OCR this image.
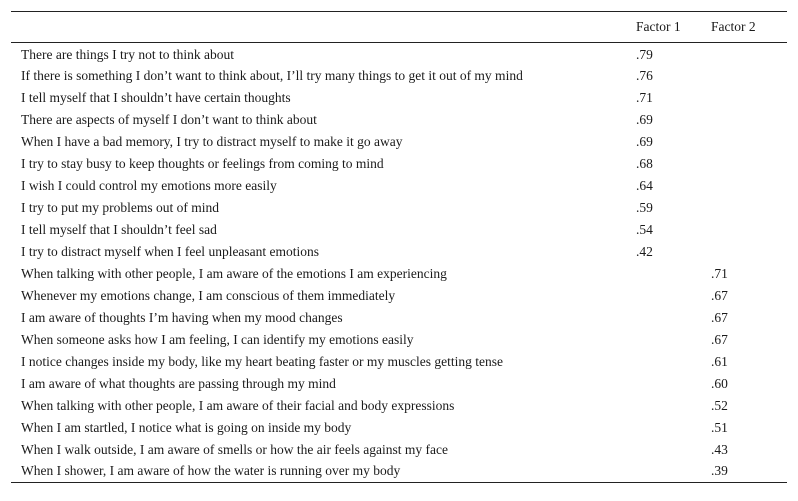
	Factor 1	Factor 2
There are things I try not to think about	.79	
If there is something I don’t want to think about, I’ll try many things to get it out of my mind	.76	
I tell myself that I shouldn’t have certain thoughts	.71	
There are aspects of myself I don’t want to think about	.69	
When I have a bad memory, I try to distract myself to make it go away	.69	
I try to stay busy to keep thoughts or feelings from coming to mind	.68	
I wish I could control my emotions more easily	.64	
I try to put my problems out of mind	.59	
I tell myself that I shouldn’t feel sad	.54	
I try to distract myself when I feel unpleasant emotions	.42	
When talking with other people, I am aware of the emotions I am experiencing		.71
Whenever my emotions change, I am conscious of them immediately		.67
I am aware of thoughts I’m having when my mood changes		.67
When someone asks how I am feeling, I can identify my emotions easily		.67
I notice changes inside my body, like my heart beating faster or my muscles getting tense		.61
I am aware of what thoughts are passing through my mind		.60
When talking with other people, I am aware of their facial and body expressions		.52
When I am startled, I notice what is going on inside my body		.51
When I walk outside, I am aware of smells or how the air feels against my face		.43
When I shower, I am aware of how the water is running over my body		.39
